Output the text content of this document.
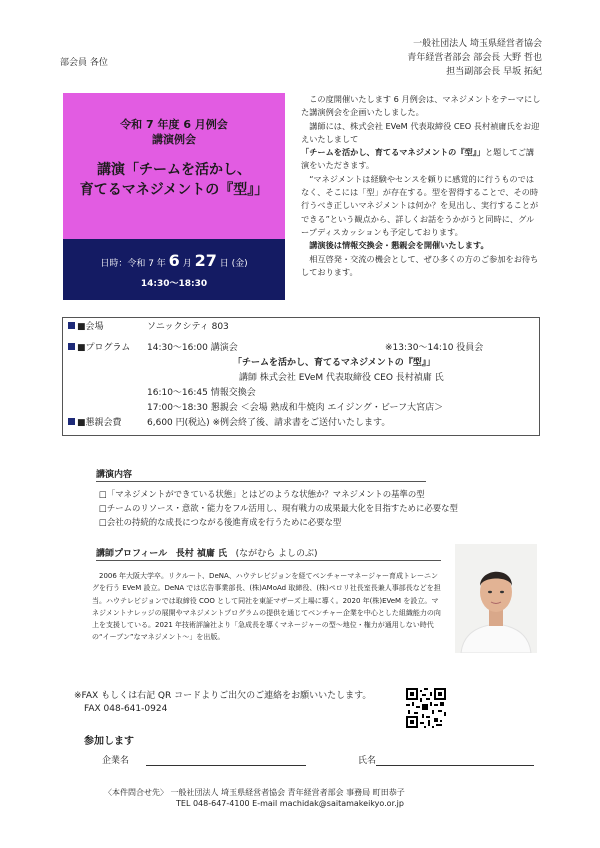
部会員 各位
一般社団法人 埼玉県経営者協会
青年経営者部会 部会長 大野 哲也
担当副部会長 早坂 拓紀
令和 7 年度 6 月例会
講演例会
講演「チームを活かし、
育てるマネジメントの『型』」
日時：令和 7 年 6 月 27 日 (金)
14:30～18:30

この度開催いたします 6 月例会は、マネジメントをテーマにした講演例会を企画いたしました。

講師には、株式会社 EVeM 代表取締役 CEO 長村禎庸氏をお迎えいたしまして「チームを活かし、育てるマネジメントの『型』」と題してご講演をいただきます。

“マネジメントは経験やセンスを頼りに感覚的に行うものではなく、そこには「型」が存在する。型を習得することで、その時行うべき正しいマネジメントは何か？を見出し、実行することができる”という観点から、詳しくお話をうかがうと同時に、グループディスカッションも予定しております。

講演後は情報交換会・懇親会を開催いたします。

相互啓発・交流の機会として、ぜひ多くの方のご参加をお待ちしております。

■会場	ソニックシティ 803
■プログラム 14:30～16:00 講演会	※13:30～14:10 役員会
「チームを活かし、育てるマネジメントの『型』」
講師 株式会社 EVeM 代表取締役 CEO 長村禎庸 氏
16:10～16:45 情報交換会
17:00～18:30 懇親会 ＜会場 熟成和牛焼肉 エイジング・ビーフ大宮店＞
■懇親会費	6,600 円(税込) ※例会終了後、請求書をご送付いたします。
講演内容
□「マネジメントができている状態」とはどのような状態か？マネジメントの基準の型
□チームのリソース・意欲・能力をフル活用し、現有戦力の成果最大化を目指すために必要な型
□会社の持続的な成長につながる後進育成を行うために必要な型
講師プロフィール 長村 禎庸 氏 (ながむら よしのぶ)

2006 年大阪大学卒。リクルート、DeNA、ハウテレビジョンを経てベンチャーマネージャー育成トレーニングを行う EVeM 設立。DeNA では広告事業部長、(株)AMoAd 取締役、(株)ペロリ社長室長兼人事部長などを担当。ハウテレビジョンでは取締役 COO として同社を東証マザーズ上場に導く。2020 年(株)EVeM を設立。マネジメントナレッジの展開やマネジメントプログラムの提供を通じてベンチャー企業を中心とした組織能力の向上を支援している。2021 年技術評論社より「急成長を導くマネージャーの型～地位・権力が通用しない時代の“イーブン”なマネジメント～」を出版。

※FAX もしくは右記 QR コードよりご出欠のご連絡をお願いいたします。
FAX 048-641-0924
参加します
企業名	氏名
〈本件問合せ先〉 一般社団法人 埼玉県経営者協会 青年経営者部会 事務局 町田恭子
TEL 048-647-4100 E-mail machidak@saitamakeikyo.or.jp
